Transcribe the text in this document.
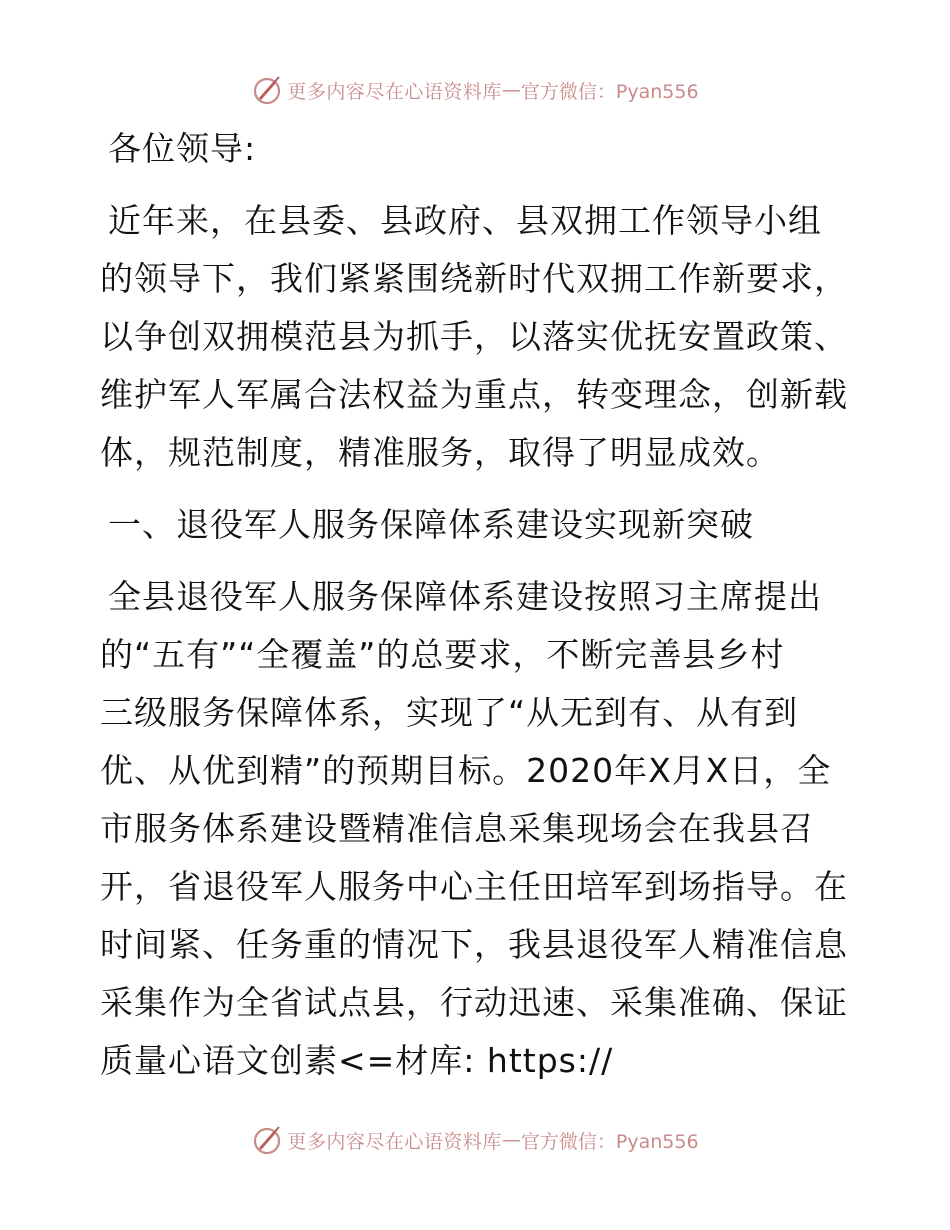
更多内容尽在心语资料库 — 官方微信：Pyan556
各位领导:
近年来，在县委、县政府、县双拥工作领导小组
的领导下，我们紧紧围绕新时代双拥工作新要求，
以争创双拥模范县为抓手，以落实优抚安置政策、
维护军人军属合法权益为重点，转变理念，创新载
体，规范制度，精准服务，取得了明显成效。
一、退役军人服务保障体系建设实现新突破
全县退役军人服务保障体系建设按照习主席提出
的“五有”“全覆盖”的总要求，不断完善县乡村
三级服务保障体系，实现了“从无到有、从有到
优、从优到精”的预期目标。2020年X月X日，全
市服务体系建设暨精准信息采集现场会在我县召
开，省退役军人服务中心主任田培军到场指导。在
时间紧、任务重的情况下，我县退役军人精准信息
采集作为全省试点县，行动迅速、采集准确、保证
质量心语文创素<=材库: https://
更多内容尽在心语资料库 — 官方微信：Pyan556
